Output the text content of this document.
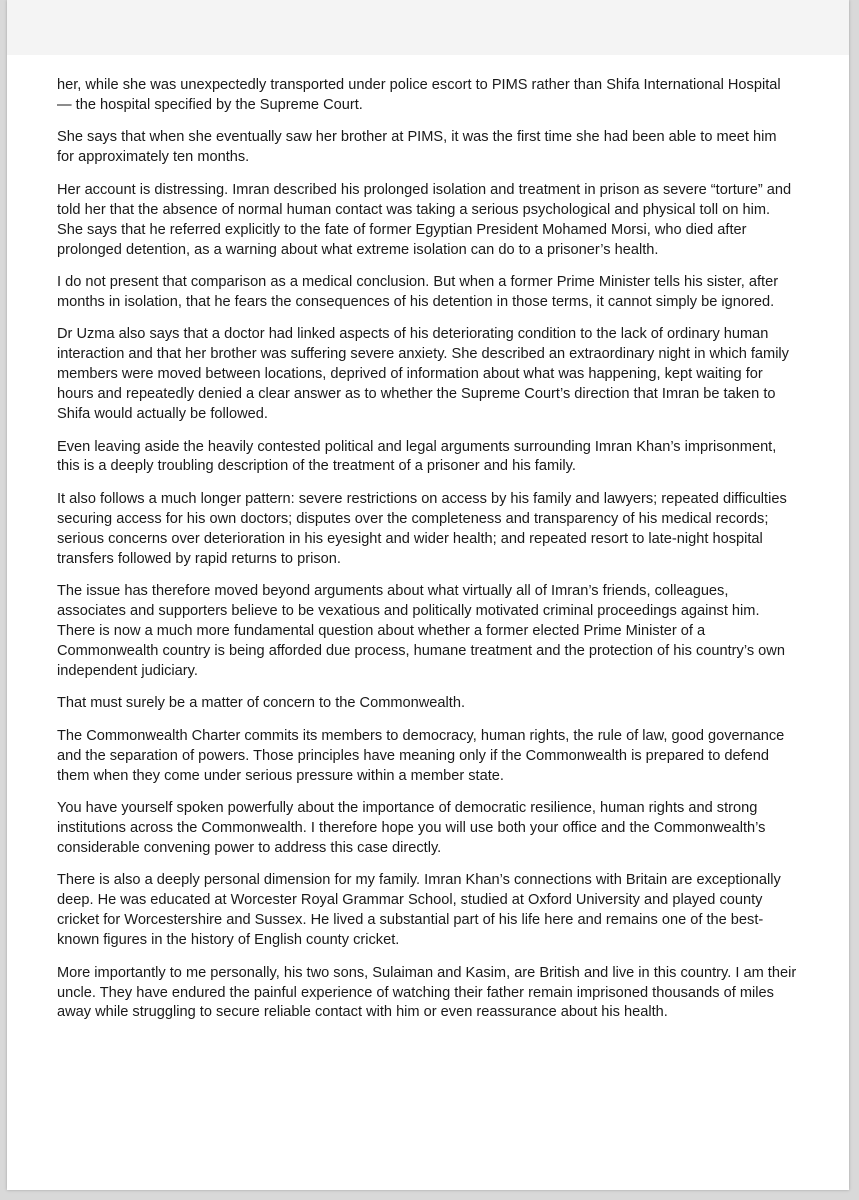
her, while she was unexpectedly transported under police escort to PIMS rather than Shifa International Hospital — the hospital specified by the Supreme Court.

She says that when she eventually saw her brother at PIMS, it was the first time she had been able to meet him for approximately ten months.

Her account is distressing. Imran described his prolonged isolation and treatment in prison as severe “torture” and told her that the absence of normal human contact was taking a serious psychological and physical toll on him. She says that he referred explicitly to the fate of former Egyptian President Mohamed Morsi, who died after prolonged detention, as a warning about what extreme isolation can do to a prisoner’s health.

I do not present that comparison as a medical conclusion. But when a former Prime Minister tells his sister, after months in isolation, that he fears the consequences of his detention in those terms, it cannot simply be ignored.

Dr Uzma also says that a doctor had linked aspects of his deteriorating condition to the lack of ordinary human interaction and that her brother was suffering severe anxiety. She described an extraordinary night in which family members were moved between locations, deprived of information about what was happening, kept waiting for hours and repeatedly denied a clear answer as to whether the Supreme Court’s direction that Imran be taken to Shifa would actually be followed.

Even leaving aside the heavily contested political and legal arguments surrounding Imran Khan’s imprisonment, this is a deeply troubling description of the treatment of a prisoner and his family.

It also follows a much longer pattern: severe restrictions on access by his family and lawyers; repeated difficulties securing access for his own doctors; disputes over the completeness and transparency of his medical records; serious concerns over deterioration in his eyesight and wider health; and repeated resort to late-night hospital transfers followed by rapid returns to prison.

The issue has therefore moved beyond arguments about what virtually all of Imran’s friends, colleagues, associates and supporters believe to be vexatious and politically motivated criminal proceedings against him. There is now a much more fundamental question about whether a former elected Prime Minister of a Commonwealth country is being afforded due process, humane treatment and the protection of his country’s own independent judiciary.

That must surely be a matter of concern to the Commonwealth.

The Commonwealth Charter commits its members to democracy, human rights, the rule of law, good governance and the separation of powers. Those principles have meaning only if the Commonwealth is prepared to defend them when they come under serious pressure within a member state.

You have yourself spoken powerfully about the importance of democratic resilience, human rights and strong institutions across the Commonwealth. I therefore hope you will use both your office and the Commonwealth’s considerable convening power to address this case directly.

There is also a deeply personal dimension for my family. Imran Khan’s connections with Britain are exceptionally deep. He was educated at Worcester Royal Grammar School, studied at Oxford University and played county cricket for Worcestershire and Sussex. He lived a substantial part of his life here and remains one of the best-known figures in the history of English county cricket.

More importantly to me personally, his two sons, Sulaiman and Kasim, are British and live in this country. I am their uncle. They have endured the painful experience of watching their father remain imprisoned thousands of miles away while struggling to secure reliable contact with him or even reassurance about his health.
